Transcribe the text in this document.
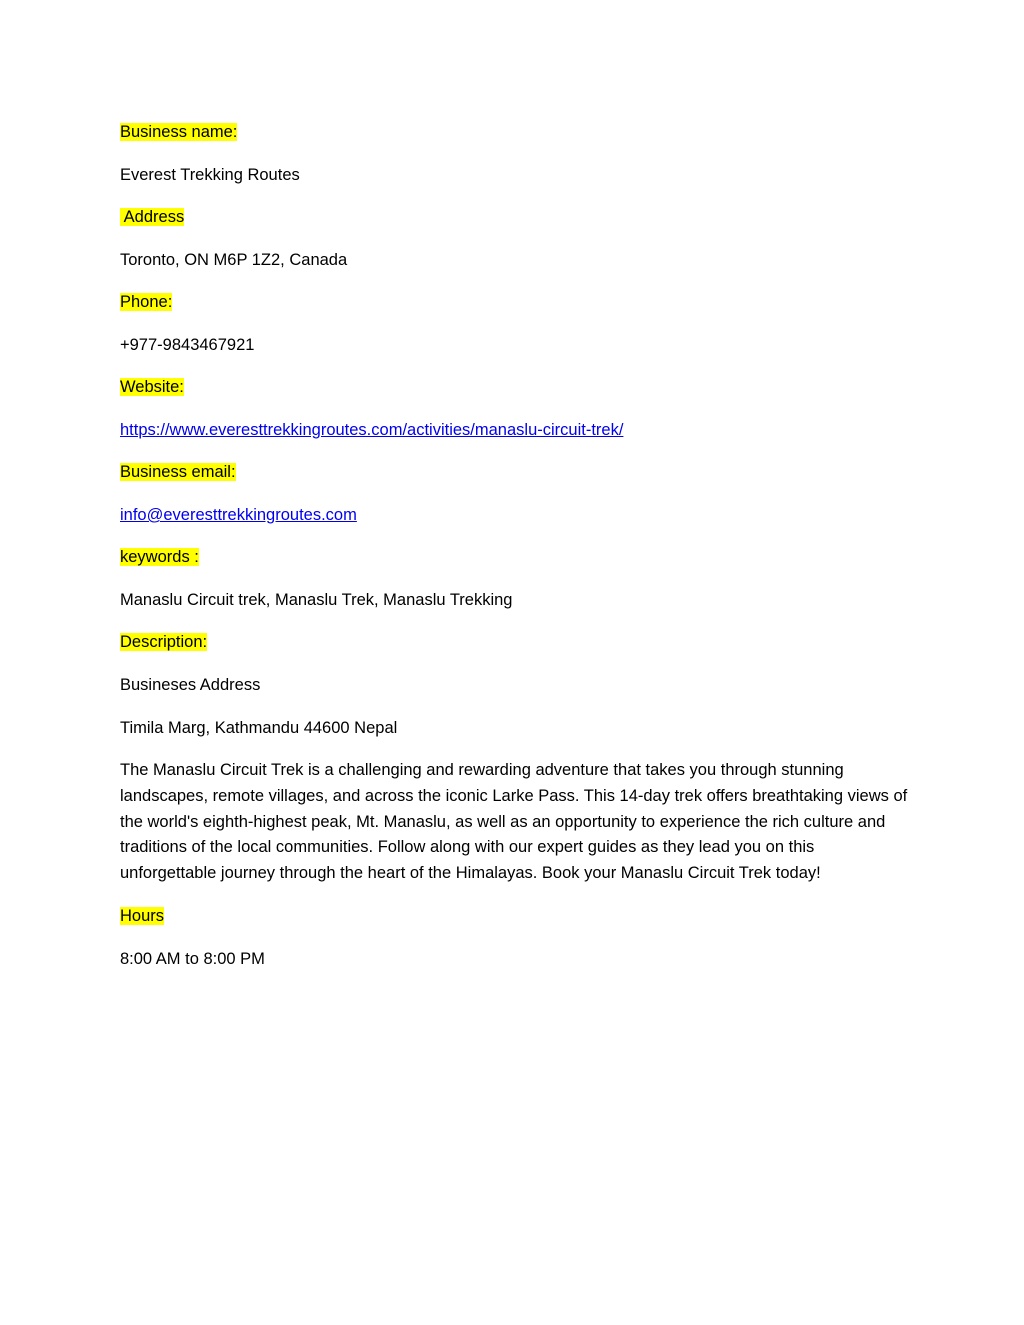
Business name:
Everest Trekking Routes
Address
Toronto, ON M6P 1Z2, Canada
Phone:
+977-9843467921
Website:
https://www.everesttrekkingroutes.com/activities/manaslu-circuit-trek/
Business email:
info@everesttrekkingroutes.com
keywords :
Manaslu Circuit trek, Manaslu Trek, Manaslu Trekking
Description:
Busineses Address
Timila Marg, Kathmandu 44600 Nepal
The Manaslu Circuit Trek is a challenging and rewarding adventure that takes you through stunning landscapes, remote villages, and across the iconic Larke Pass. This 14-day trek offers breathtaking views of the world's eighth-highest peak, Mt. Manaslu, as well as an opportunity to experience the rich culture and traditions of the local communities. Follow along with our expert guides as they lead you on this unforgettable journey through the heart of the Himalayas. Book your Manaslu Circuit Trek today!
Hours
8:00 AM to 8:00 PM
